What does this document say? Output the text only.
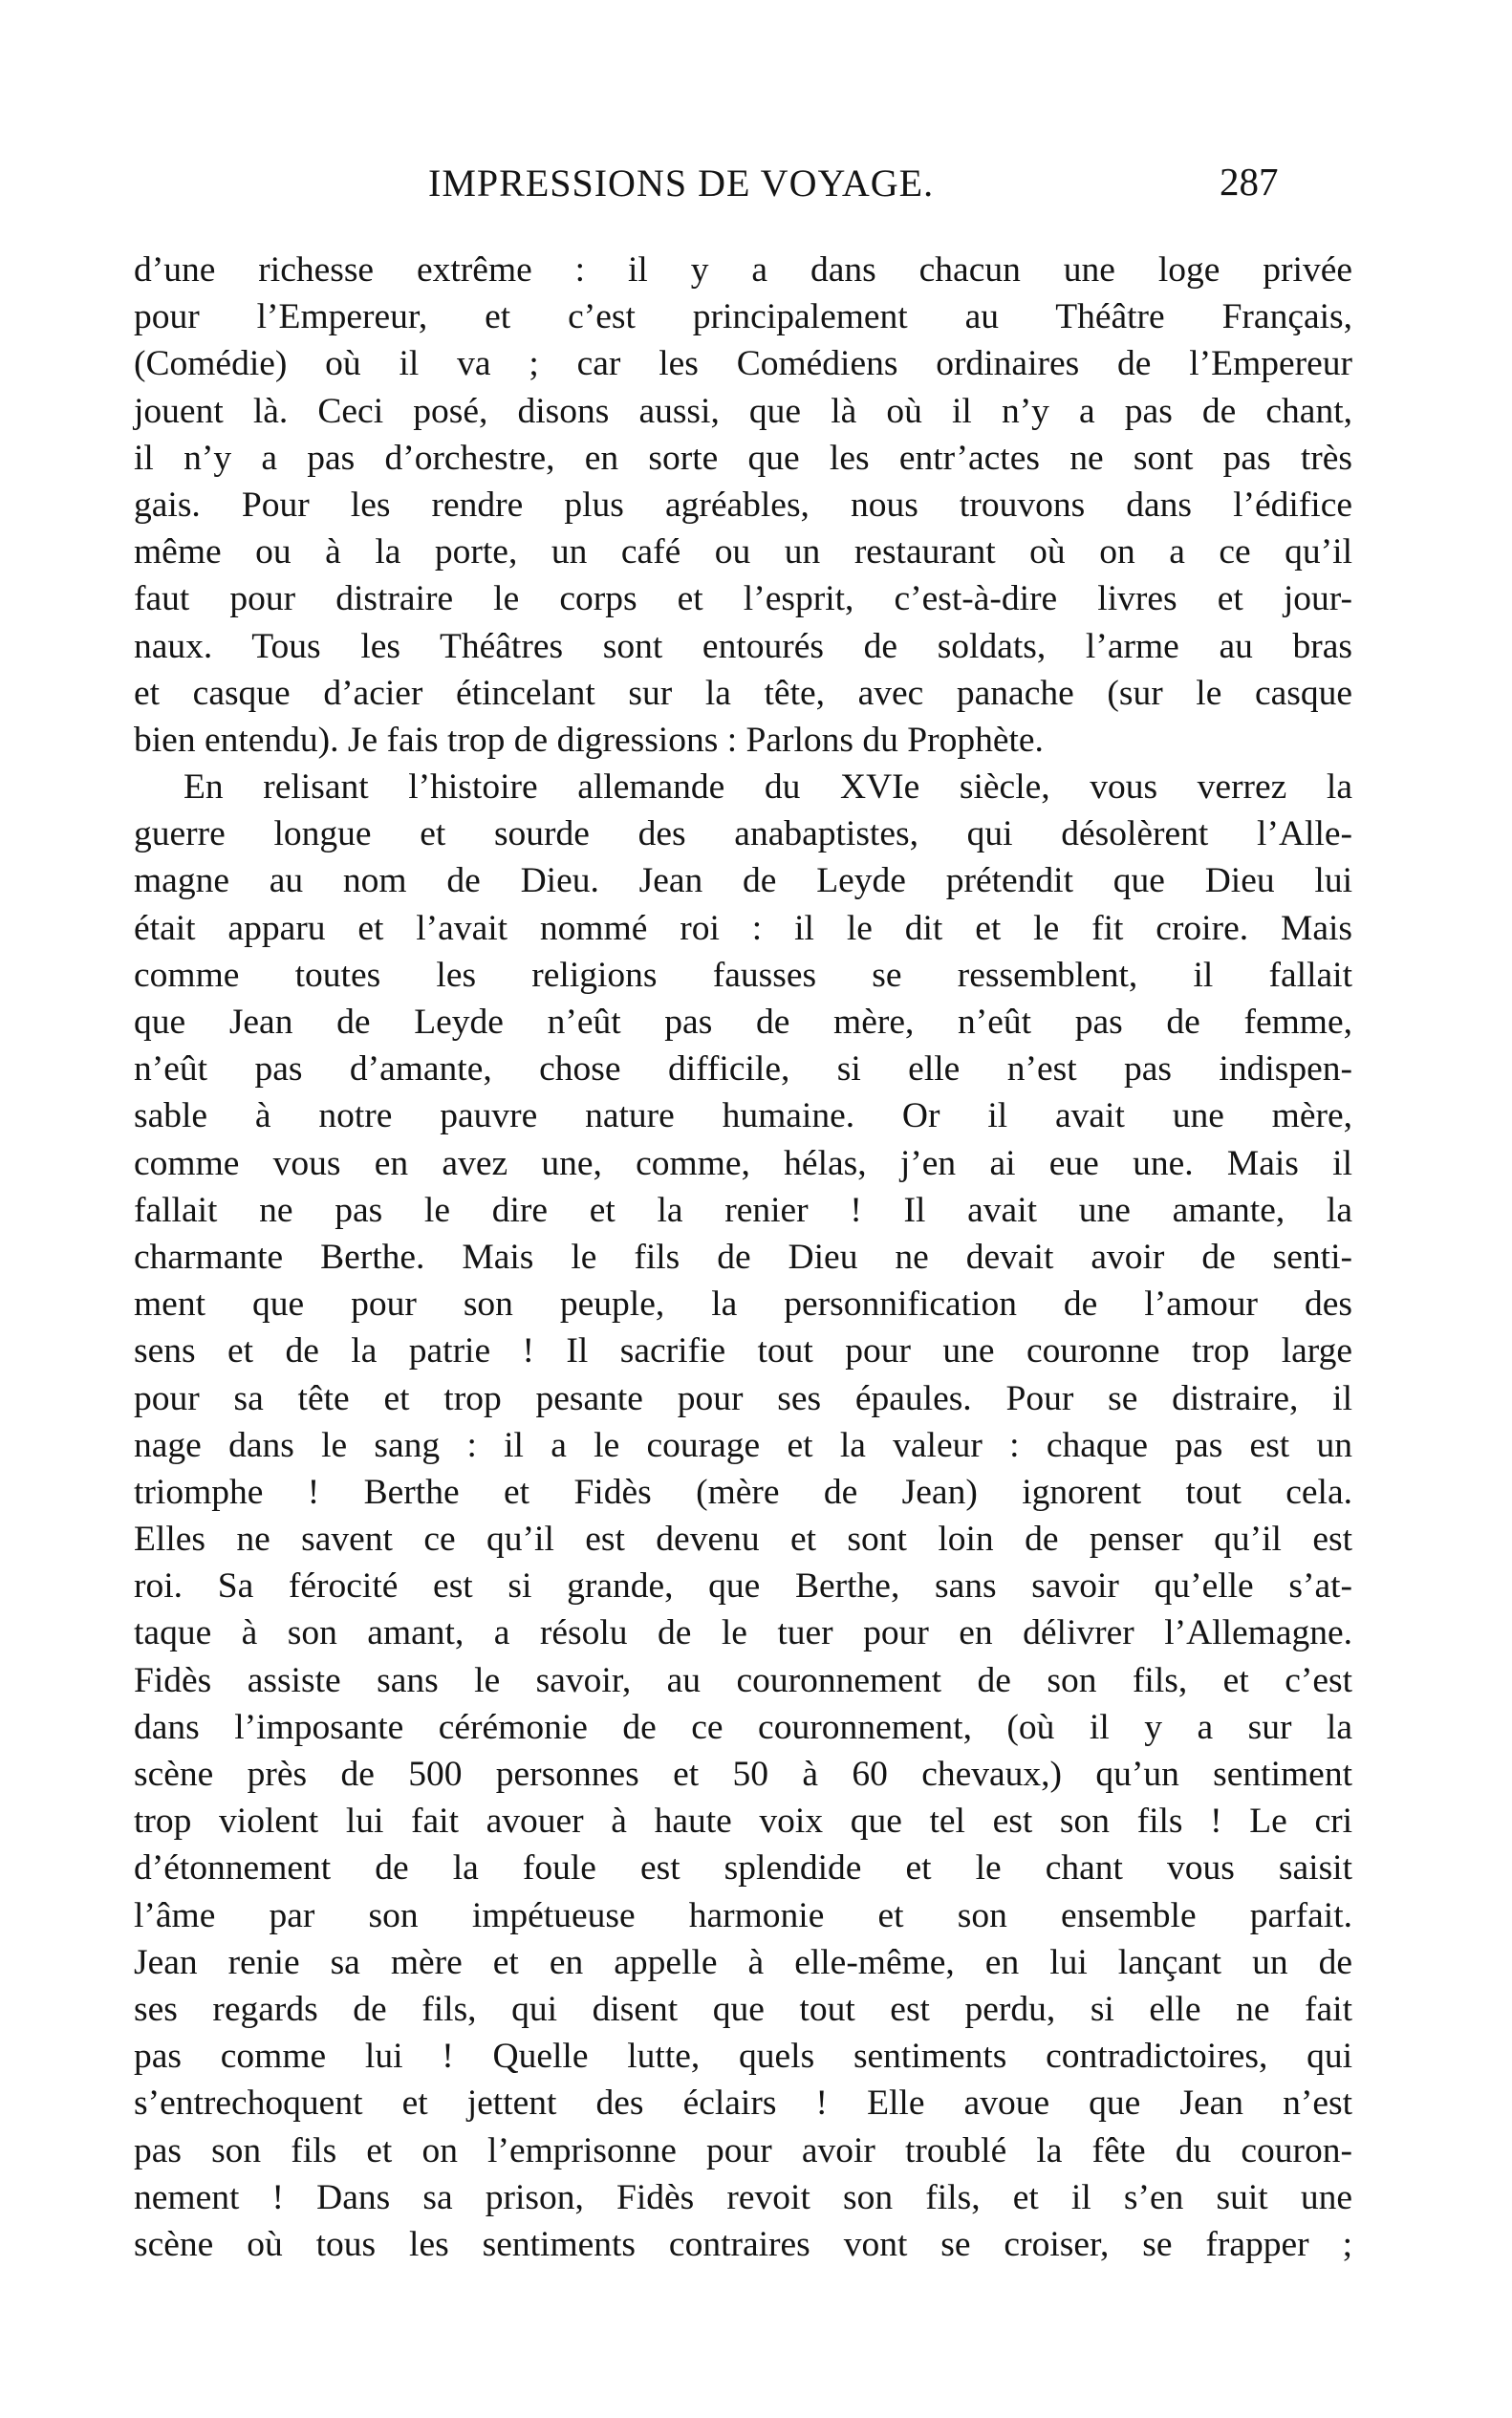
IMPRESSIONS DE VOYAGE.	287
d’une richesse extrême : il y a dans chacun une loge privée
pour l’Empereur, et c’est principalement au Théâtre Français,
(Comédie) où il va ; car les Comédiens ordinaires de l’Empereur
jouent là. Ceci posé, disons aussi, que là où il n’y a pas de chant,
il n’y a pas d’orchestre, en sorte que les entr’actes ne sont pas très
gais. Pour les rendre plus agréables, nous trouvons dans l’édifice
même ou à la porte, un café ou un restaurant où on a ce qu’il
faut pour distraire le corps et l’esprit, c’est-à-dire livres et jour-
naux. Tous les Théâtres sont entourés de soldats, l’arme au bras
et casque d’acier étincelant sur la tête, avec panache (sur le casque
bien entendu). Je fais trop de digressions : Parlons du Prophète.
En relisant l’histoire allemande du XVIe siècle, vous verrez la
guerre longue et sourde des anabaptistes, qui désolèrent l’Alle-
magne au nom de Dieu. Jean de Leyde prétendit que Dieu lui
était apparu et l’avait nommé roi : il le dit et le fit croire. Mais
comme toutes les religions fausses se ressemblent, il fallait
que Jean de Leyde n’eût pas de mère, n’eût pas de femme,
n’eût pas d’amante, chose difficile, si elle n’est pas indispen-
sable à notre pauvre nature humaine. Or il avait une mère,
comme vous en avez une, comme, hélas, j’en ai eue une. Mais il
fallait ne pas le dire et la renier ! Il avait une amante, la
charmante Berthe. Mais le fils de Dieu ne devait avoir de senti-
ment que pour son peuple, la personnification de l’amour des
sens et de la patrie ! Il sacrifie tout pour une couronne trop large
pour sa tête et trop pesante pour ses épaules. Pour se distraire, il
nage dans le sang : il a le courage et la valeur : chaque pas est un
triomphe ! Berthe et Fidès (mère de Jean) ignorent tout cela.
Elles ne savent ce qu’il est devenu et sont loin de penser qu’il est
roi. Sa férocité est si grande, que Berthe, sans savoir qu’elle s’at-
taque à son amant, a résolu de le tuer pour en délivrer l’Allemagne.
Fidès assiste sans le savoir, au couronnement de son fils, et c’est
dans l’imposante cérémonie de ce couronnement, (où il y a sur la
scène près de 500 personnes et 50 à 60 chevaux,) qu’un sentiment
trop violent lui fait avouer à haute voix que tel est son fils ! Le cri
d’étonnement de la foule est splendide et le chant vous saisit
l’âme par son impétueuse harmonie et son ensemble parfait.
Jean renie sa mère et en appelle à elle-même, en lui lançant un de
ses regards de fils, qui disent que tout est perdu, si elle ne fait
pas comme lui ! Quelle lutte, quels sentiments contradictoires, qui
s’entrechoquent et jettent des éclairs ! Elle avoue que Jean n’est
pas son fils et on l’emprisonne pour avoir troublé la fête du couron-
nement ! Dans sa prison, Fidès revoit son fils, et il s’en suit une
scène où tous les sentiments contraires vont se croiser, se frapper ;
